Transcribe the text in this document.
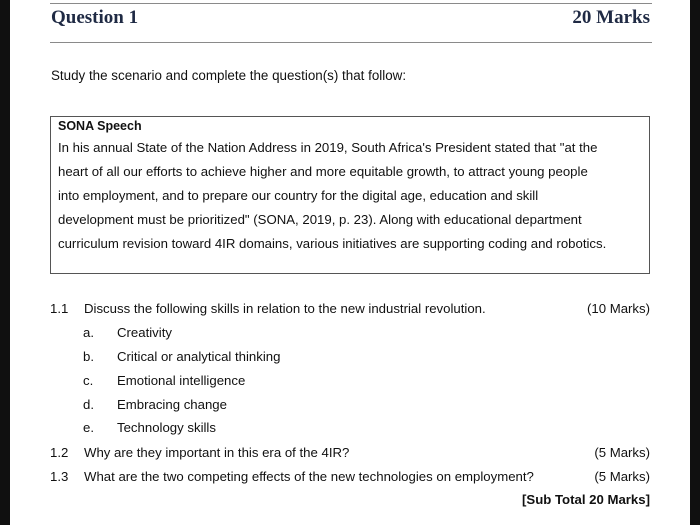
Question 1	20 Marks
Study the scenario and complete the question(s) that follow:
SONA Speech
In his annual State of the Nation Address in 2019, South Africa's President stated that "at the
heart of all our efforts to achieve higher and more equitable growth, to attract young people
into employment, and to prepare our country for the digital age, education and skill
development must be prioritized" (SONA, 2019, p. 23). Along with educational department
curriculum revision toward 4IR domains, various initiatives are supporting coding and robotics.
1.1 Discuss the following skills in relation to the new industrial revolution.	(10 Marks)
a. Creativity
b. Critical or analytical thinking
c. Emotional intelligence
d. Embracing change
e. Technology skills
1.2 Why are they important in this era of the 4IR?	(5 Marks)
1.3 What are the two competing effects of the new technologies on employment?	(5 Marks)
[Sub Total 20 Marks]
